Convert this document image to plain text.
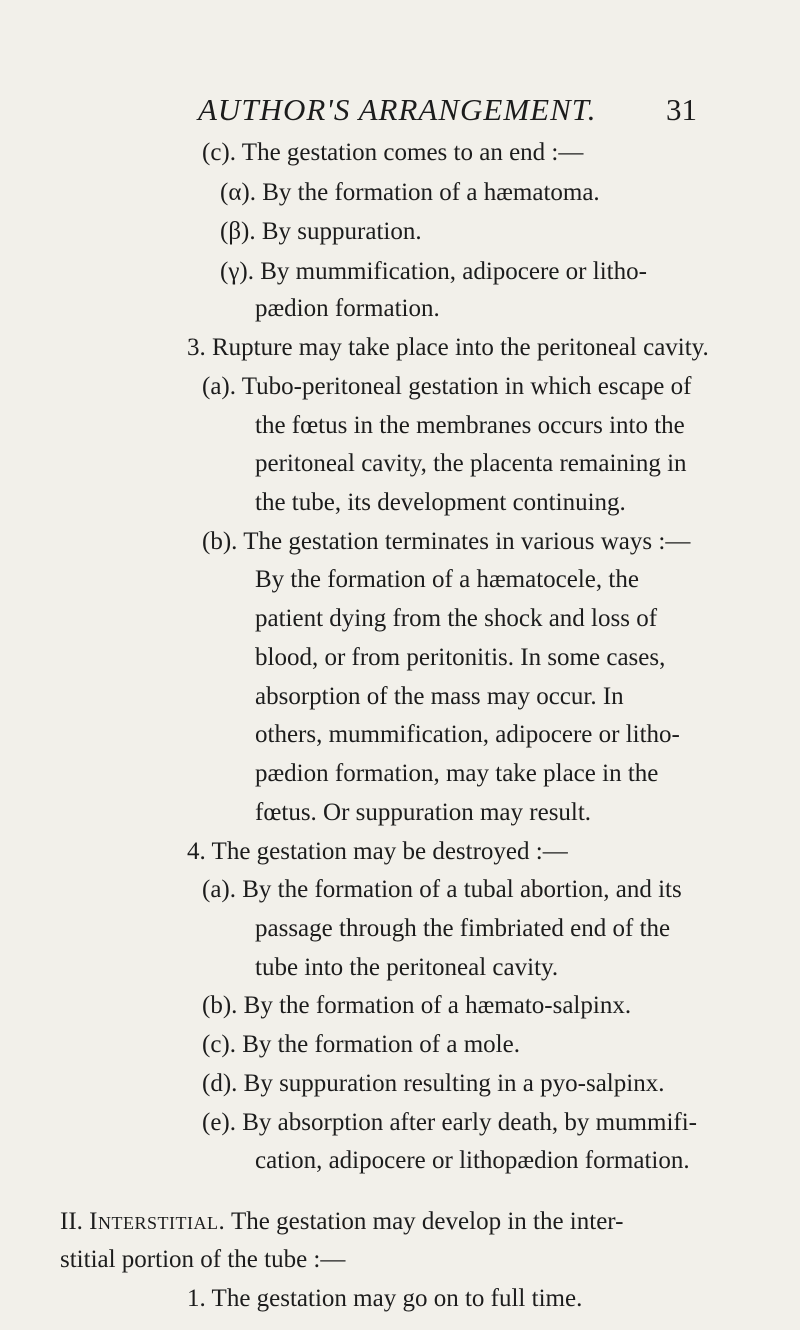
AUTHOR'S ARRANGEMENT. 31
(c). The gestation comes to an end :—
(α). By the formation of a hæmatoma.
(β). By suppuration.
(γ). By mummification, adipocere or litho-
pædion formation.
3. Rupture may take place into the peritoneal cavity.
(a). Tubo-peritoneal gestation in which escape of
the fœtus in the membranes occurs into the
peritoneal cavity, the placenta remaining in
the tube, its development continuing.
(b). The gestation terminates in various ways :—
By the formation of a hæmatocele, the
patient dying from the shock and loss of
blood, or from peritonitis. In some cases,
absorption of the mass may occur. In
others, mummification, adipocere or litho-
pædion formation, may take place in the
fœtus. Or suppuration may result.
4. The gestation may be destroyed :—
(a). By the formation of a tubal abortion, and its
passage through the fimbriated end of the
tube into the peritoneal cavity.
(b). By the formation of a hæmato-salpinx.
(c). By the formation of a mole.
(d). By suppuration resulting in a pyo-salpinx.
(e). By absorption after early death, by mummifi-
cation, adipocere or lithopædion formation.
II. Interstitial. The gestation may develop in the inter-
stitial portion of the tube :—
1. The gestation may go on to full time.
